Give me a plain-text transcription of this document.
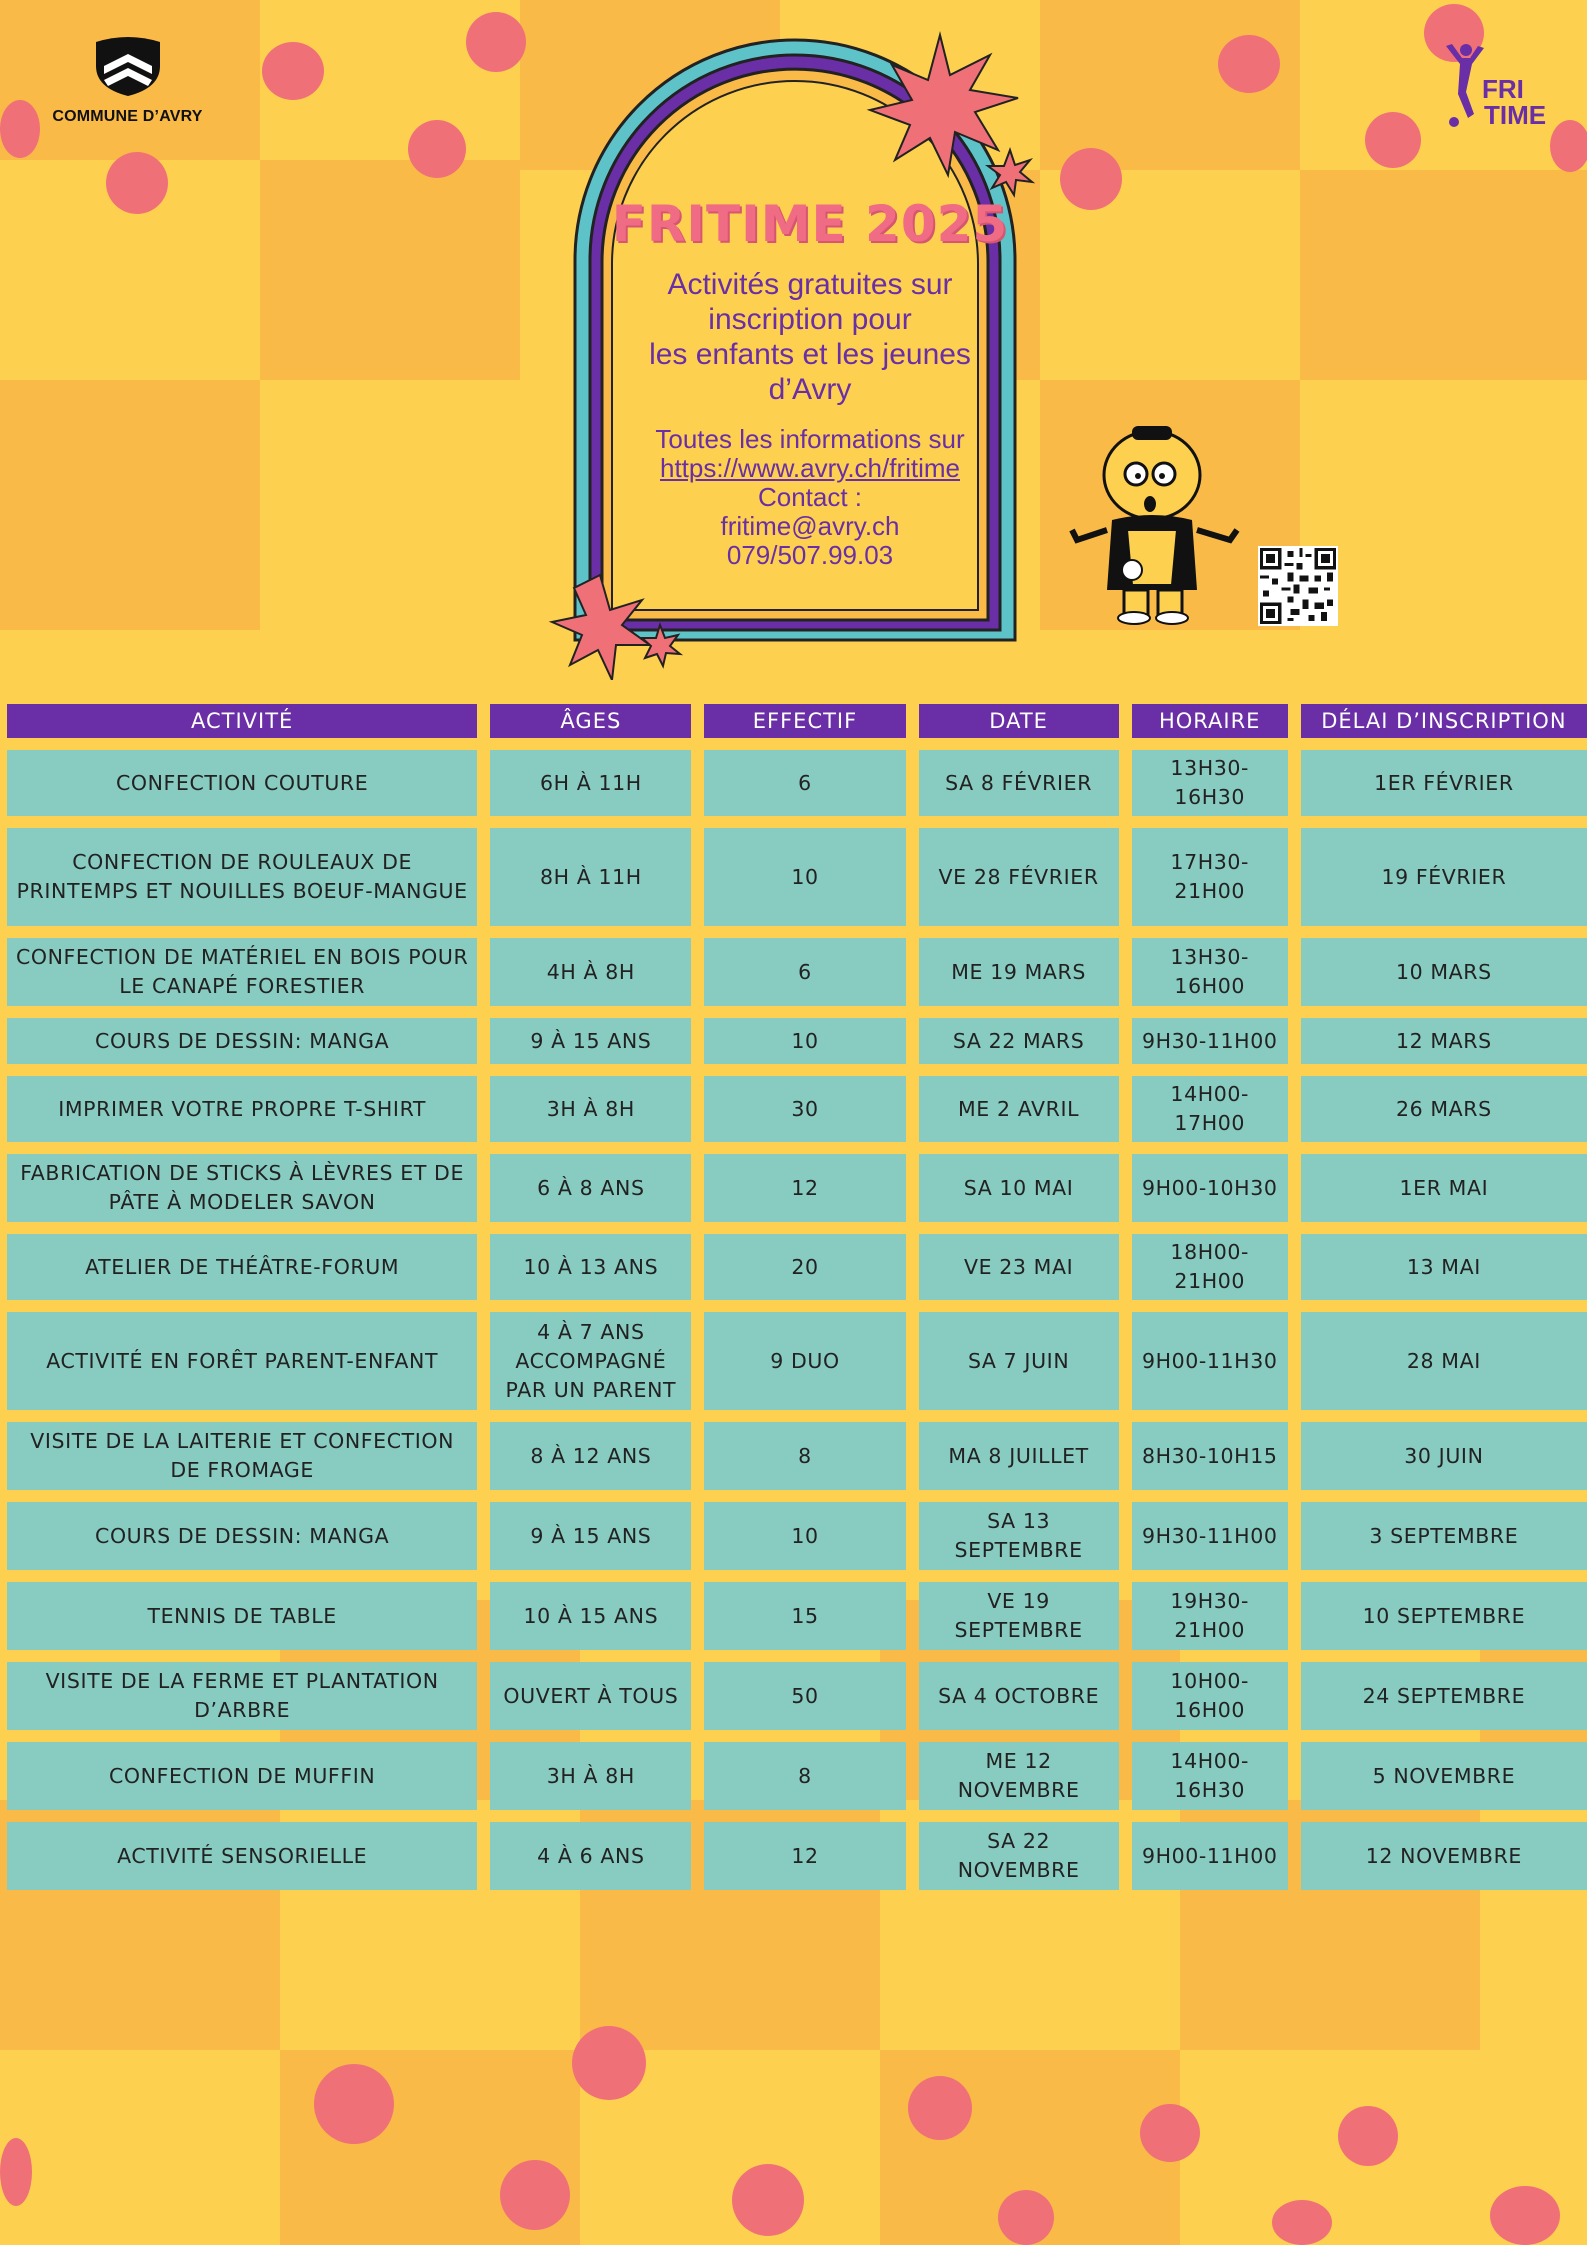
COMMUNE D’AVRY
FRI
TIME
FRITIME 2025
Activités gratuites sur
inscription pour
les enfants et les jeunes
d’Avry
Toutes les informations sur
https://www.avry.ch/fritime
Contact :
fritime@avry.ch
079/507.99.03
ACTIVITÉ	ÂGES	EFFECTIF	DATE	HORAIRE	DÉLAI D’INSCRIPTION
CONFECTION COUTURE	6H À 11H	6	SA 8 FÉVRIER	13H30-16H30	1ER FÉVRIER
CONFECTION DE ROULEAUX DE PRINTEMPS ET NOUILLES BOEUF-MANGUE	8H À 11H	10	VE 28 FÉVRIER	17H30-21H00	19 FÉVRIER
CONFECTION DE MATÉRIEL EN BOIS POUR LE CANAPÉ FORESTIER	4H À 8H	6	ME 19 MARS	13H30-16H00	10 MARS
COURS DE DESSIN: MANGA	9 À 15 ANS	10	SA 22 MARS	9H30-11H00	12 MARS
IMPRIMER VOTRE PROPRE T-SHIRT	3H À 8H	30	ME 2 AVRIL	14H00-17H00	26 MARS
FABRICATION DE STICKS À LÈVRES ET DE PÂTE À MODELER SAVON	6 À 8 ANS	12	SA 10 MAI	9H00-10H30	1ER MAI
ATELIER DE THÉÂTRE-FORUM	10 À 13 ANS	20	VE 23 MAI	18H00-21H00	13 MAI
ACTIVITÉ EN FORÊT PARENT-ENFANT	4 À 7 ANS ACCOMPAGNÉ PAR UN PARENT	9 DUO	SA 7 JUIN	9H00-11H30	28 MAI
VISITE DE LA LAITERIE ET CONFECTION DE FROMAGE	8 À 12 ANS	8	MA 8 JUILLET	8H30-10H15	30 JUIN
COURS DE DESSIN: MANGA	9 À 15 ANS	10	SA 13 SEPTEMBRE	9H30-11H00	3 SEPTEMBRE
TENNIS DE TABLE	10 À 15 ANS	15	VE 19 SEPTEMBRE	19H30-21H00	10 SEPTEMBRE
VISITE DE LA FERME ET PLANTATION D’ARBRE	OUVERT À TOUS	50	SA 4 OCTOBRE	10H00-16H00	24 SEPTEMBRE
CONFECTION DE MUFFIN	3H À 8H	8	ME 12 NOVEMBRE	14H00-16H30	5 NOVEMBRE
ACTIVITÉ SENSORIELLE	4 À 6 ANS	12	SA 22 NOVEMBRE	9H00-11H00	12 NOVEMBRE
